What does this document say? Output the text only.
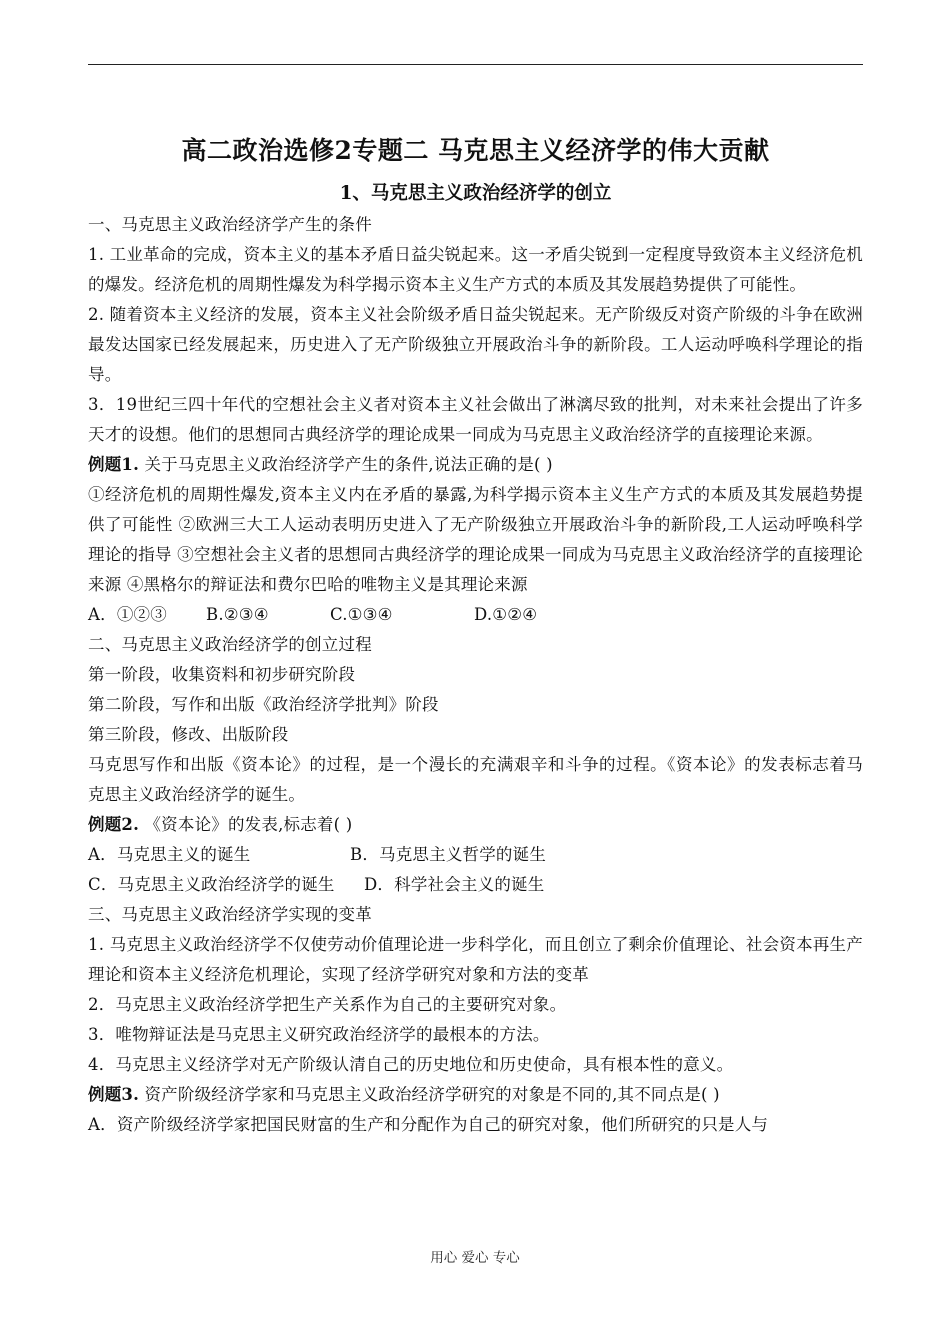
高二政治选修2专题二 马克思主义经济学的伟大贡献
1、马克思主义政治经济学的创立

一、马克思主义政治经济学产生的条件

1. 工业革命的完成，资本主义的基本矛盾日益尖锐起来。这一矛盾尖锐到一定程度导致资本主义经济危机的爆发。经济危机的周期性爆发为科学揭示资本主义生产方式的本质及其发展趋势提供了可能性。

2. 随着资本主义经济的发展，资本主义社会阶级矛盾日益尖锐起来。无产阶级反对资产阶级的斗争在欧洲最发达国家已经发展起来，历史进入了无产阶级独立开展政治斗争的新阶段。工人运动呼唤科学理论的指导。

3．19世纪三四十年代的空想社会主义者对资本主义社会做出了淋漓尽致的批判，对未来社会提出了许多天才的设想。他们的思想同古典经济学的理论成果一同成为马克思主义政治经济学的直接理论来源。

例题1. 关于马克思主义政治经济学产生的条件,说法正确的是( )

①经济危机的周期性爆发,资本主义内在矛盾的暴露,为科学揭示资本主义生产方式的本质及其发展趋势提供了可能性 ②欧洲三大工人运动表明历史进入了无产阶级独立开展政治斗争的新阶段,工人运动呼唤科学理论的指导 ③空想社会主义者的思想同古典经济学的理论成果一同成为马克思主义政治经济学的直接理论来源 ④黑格尔的辩证法和费尔巴哈的唯物主义是其理论来源

A．①②③ B.②③④	C.①③④	D.①②④

二、马克思主义政治经济学的创立过程

第一阶段，收集资料和初步研究阶段

第二阶段，写作和出版《政治经济学批判》阶段

第三阶段，修改、出版阶段

马克思写作和出版《资本论》的过程，是一个漫长的充满艰辛和斗争的过程。《资本论》的发表标志着马克思主义政治经济学的诞生。

例题2. 《资本论》的发表,标志着( )

A．马克思主义的诞生	B．马克思主义哲学的诞生

C．马克思主义政治经济学的诞生 D．科学社会主义的诞生

三、马克思主义政治经济学实现的变革

1. 马克思主义政治经济学不仅使劳动价值理论进一步科学化，而且创立了剩余价值理论、社会资本再生产理论和资本主义经济危机理论，实现了经济学研究对象和方法的变革

2．马克思主义政治经济学把生产关系作为自己的主要研究对象。

3．唯物辩证法是马克思主义研究政治经济学的最根本的方法。

4．马克思主义经济学对无产阶级认清自己的历史地位和历史使命，具有根本性的意义。

例题3. 资产阶级经济学家和马克思主义政治经济学研究的对象是不同的,其不同点是( )

A．资产阶级经济学家把国民财富的生产和分配作为自己的研究对象，他们所研究的只是人与

用心 爱心 专心
